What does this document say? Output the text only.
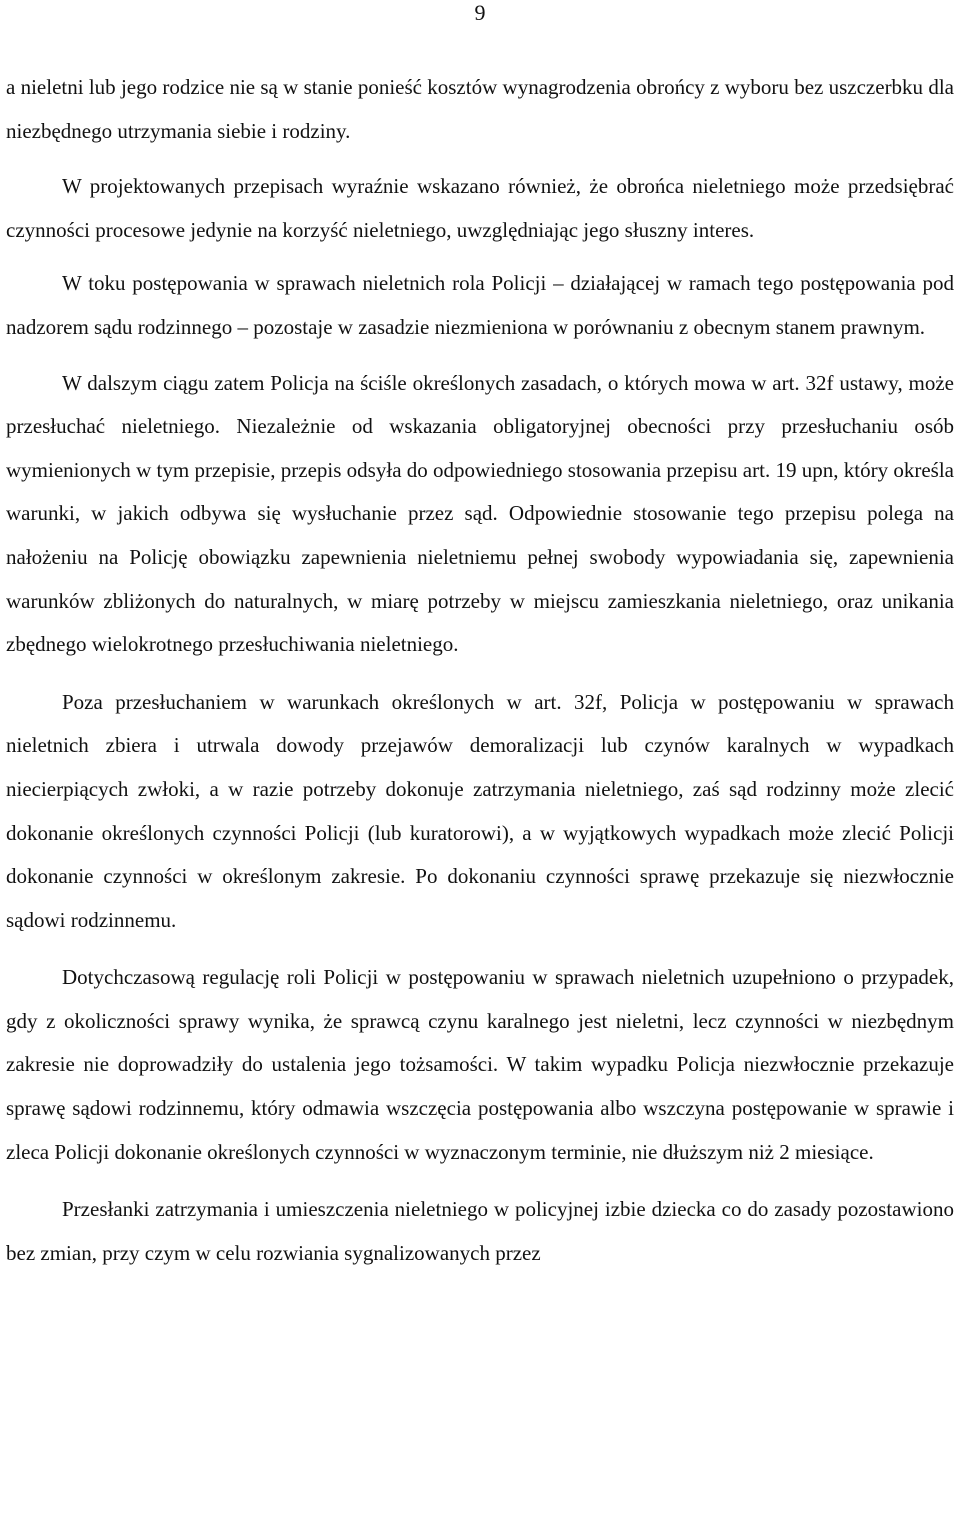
9

a nieletni lub jego rodzice nie są w stanie ponieść kosztów wynagrodzenia obrońcy z wyboru bez uszczerbku dla niezbędnego utrzymania siebie i rodziny.

W projektowanych przepisach wyraźnie wskazano również, że obrońca nieletniego może przedsiębrać czynności procesowe jedynie na korzyść nieletniego, uwzględniając jego słuszny interes.

W toku postępowania w sprawach nieletnich rola Policji – działającej w ramach tego postępowania pod nadzorem sądu rodzinnego – pozostaje w zasadzie niezmieniona w porównaniu z obecnym stanem prawnym.

W dalszym ciągu zatem Policja na ściśle określonych zasadach, o których mowa w art. 32f ustawy, może przesłuchać nieletniego. Niezależnie od wskazania obligatoryjnej obecności przy przesłuchaniu osób wymienionych w tym przepisie, przepis odsyła do odpowiedniego stosowania przepisu art. 19 upn, który określa warunki, w jakich odbywa się wysłuchanie przez sąd. Odpowiednie stosowanie tego przepisu polega na nałożeniu na Policję obowiązku zapewnienia nieletniemu pełnej swobody wypowiadania się, zapewnienia warunków zbliżonych do naturalnych, w miarę potrzeby w miejscu zamieszkania nieletniego, oraz unikania zbędnego wielokrotnego przesłuchiwania nieletniego.

Poza przesłuchaniem w warunkach określonych w art. 32f, Policja w postępowaniu w sprawach nieletnich zbiera i utrwala dowody przejawów demoralizacji lub czynów karalnych w wypadkach niecierpiących zwłoki, a w razie potrzeby dokonuje zatrzymania nieletniego, zaś sąd rodzinny może zlecić dokonanie określonych czynności Policji (lub kuratorowi), a w wyjątkowych wypadkach może zlecić Policji dokonanie czynności w określonym zakresie. Po dokonaniu czynności sprawę przekazuje się niezwłocznie sądowi rodzinnemu.

Dotychczasową regulację roli Policji w postępowaniu w sprawach nieletnich uzupełniono o przypadek, gdy z okoliczności sprawy wynika, że sprawcą czynu karalnego jest nieletni, lecz czynności w niezbędnym zakresie nie doprowadziły do ustalenia jego tożsamości. W takim wypadku Policja niezwłocznie przekazuje sprawę sądowi rodzinnemu, który odmawia wszczęcia postępowania albo wszczyna postępowanie w sprawie i zleca Policji dokonanie określonych czynności w wyznaczonym terminie, nie dłuższym niż 2 miesiące.

Przesłanki zatrzymania i umieszczenia nieletniego w policyjnej izbie dziecka co do zasady pozostawiono bez zmian, przy czym w celu rozwiania sygnalizowanych przez
